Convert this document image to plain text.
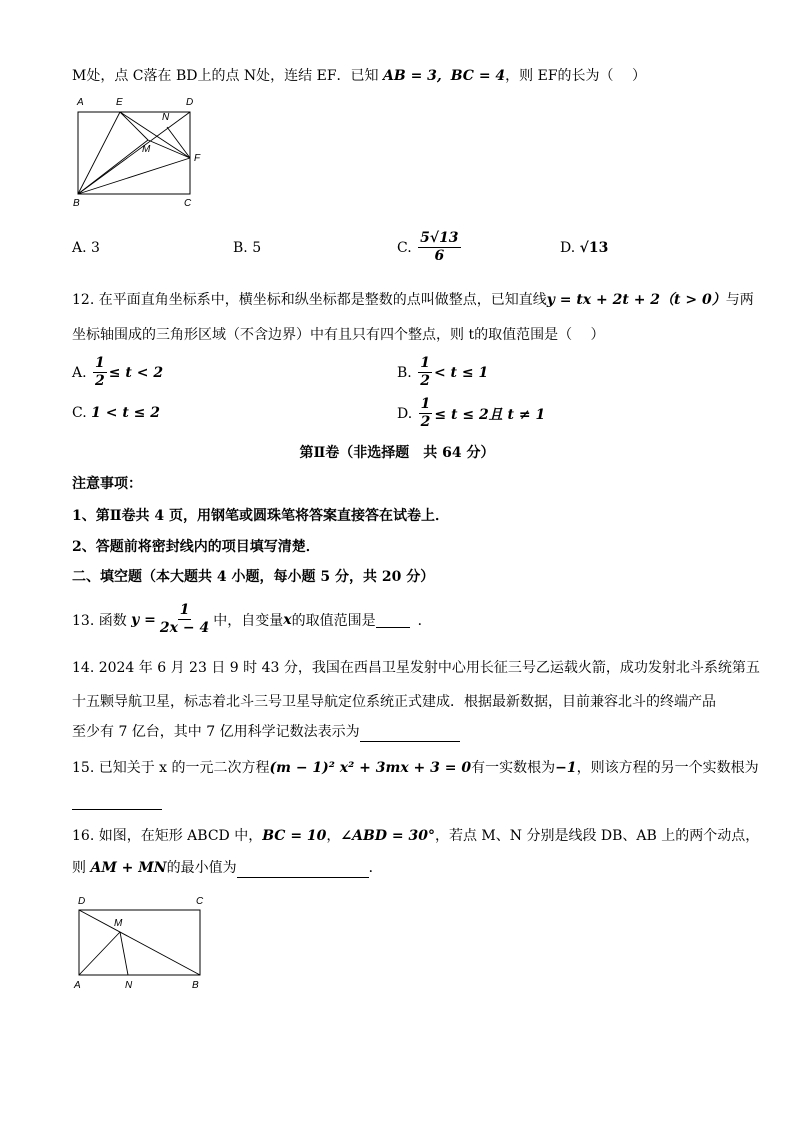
M处，点 C落在 BD上的点 N处，连结 EF．已知 AB = 3, BC = 4，则 EF的长为（　 ）
A	E	D
N
M
F
B	C
A. 3	B. 5	C.
$\frac{5√13}{6}$	D. √13
12. 在平面直角坐标系中，横坐标和纵坐标都是整数的点叫做整点，已知直线y = tx + 2t + 2（t > 0）与两
坐标轴围成的三角形区域（不含边界）中有且只有四个整点，则 t的取值范围是（　 ）
A.
$\frac{1}{2} \le t < 2$	B.
$\frac{1}{2} < t \le 1$
C. 1 < t ≤ 2	D.
$\frac{1}{2} \le t \le 2$且 t ≠ 1
第Ⅱ卷（非选择题　共 64 分）
注意事项：
1、第Ⅱ卷共 4 页，用钢笔或圆珠笔将答案直接答在试卷上．
2、答题前将密封线内的项目填写清楚．
二、填空题（本大题共 4 小题，每小题 5 分，共 20 分）
13. 函数
$y = \frac{1}{2x - 4}$ 中，自变量 x 的取值范围是	．
14. 2024 年 6 月 23 日 9 时 43 分，我国在西昌卫星发射中心用长征三号乙运载火箭，成功发射北斗系统第五
十五颗导航卫星，标志着北斗三号卫星导航定位系统正式建成．根据最新数据，目前兼容北斗的终端产品
至少有 7 亿台，其中 7 亿用科学记数法表示为
15. 已知关于 x 的一元二次方程(m − 1)² x² + 3mx + 3 = 0有一实数根为−1，则该方程的另一个实数根为
16. 如图，在矩形 ABCD 中，BC = 10，∠ABD = 30°，若点 M、N 分别是线段 DB、AB 上的两个动点，
则 AM + MN的最小值为	．
D	C
M
A	N	B
